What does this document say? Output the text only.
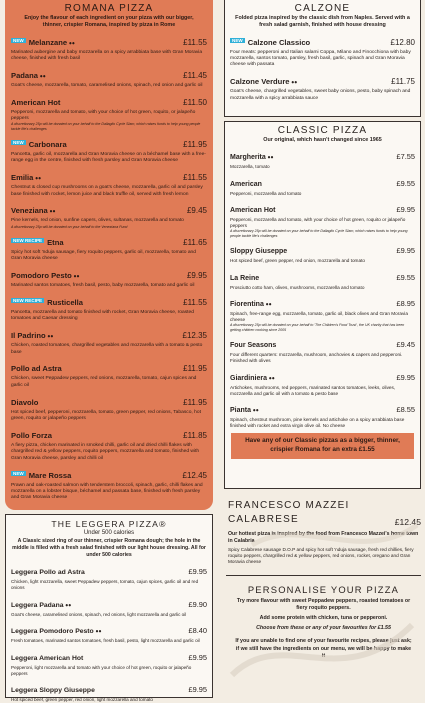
ROMANA PIZZA
Enjoy the flavour of each ingredient on your pizza with our bigger, thinner, crispier Romana, inspired by pizza in Rome
NEW Melanzane ⦁⦁	£11.55
Marinated aubergine and baby mozzarella on a spicy arrabbiata base with Gran Moravia cheese, finished with fresh basil
Padana ⦁⦁	£11.45
Goat's cheese, mozzarella, tomato, caramelised onions, spinach, red onion and garlic oil
American Hot	£11.50
Pepperoni, mozzarella and tomato, with your choice of hot green, roquito, or jalapeño peppers
A discretionary 25p will be donated on your behalf to the Dallaglio Cycle Slam, which raises funds to help young people tackle life's challenges
NEW Carbonara	£11.95
Pancetta, garlic oil, mozzarella and Gran Moravia cheese on a béchamel base with a free-range egg in the centre, finished with fresh parsley and Gran Moravia cheese
Emilia ⦁⦁	£11.55
Chestnut & closed cup mushrooms on a goat's cheese, mozzarella, garlic oil and parsley base finished with rocket, lemon juice and black truffle oil, served with fresh lemon
Veneziana ⦁⦁	£9.45
Pine kernels, red onion, sunfine capers, olives, sultanas, mozzarella and tomato
A discretionary 25p will be donated on your behalf to the Veneziana Fund
NEW RECIPE Etna	£11.65
Spicy hot soft 'nduja sausage, fiery roquito peppers, garlic oil, mozzarella, tomato and Gran Moravia cheese
Pomodoro Pesto ⦁⦁	£9.95
Marinated santos tomatoes, fresh basil, pesto, baby mozzarella, tomato and garlic oil
NEW RECIPE Rusticella	£11.55
Pancetta, mozzarella and tomato finished with rocket, Gran Moravia cheese, roasted tomatoes and Caesar dressing
Il Padrino ⦁⦁	£12.35
Chicken, roasted tomatoes, chargrilled vegetables and mozzarella with a tomato & pesto base
Pollo ad Astra	£11.95
Chicken, sweet Peppadew peppers, red onions, mozzarella, tomato, cajun spices and garlic oil
Diavolo	£11.95
Hot spiced beef, pepperoni, mozzarella, tomato, green pepper, red onions, Tabasco, hot green, roquito or jalapeño peppers
Pollo Forza	£11.85
A fiery pizza, chicken marinated in smoked chilli, garlic oil and dried chilli flakes with chargrilled red & yellow peppers, roquito peppers, mozzarella and tomato, finished with Gran Moravia cheese, parsley and chilli oil
NEW Mare Rossa	£12.45
Prawn and oak-roasted salmon with tenderstem broccoli, spinach, garlic, chilli flakes and mozzarella on a lobster bisque, béchamel and passata base, finished with fresh parsley and Gran Moravia cheese
THE LEGGERA PIZZA®
Under 500 calories
A Classic sized ring of our thinner, crispier Romana dough; the hole in the middle is filled with a fresh salad finished with our light house dressing. All for under 500 calories
Leggera Pollo ad Astra	£9.95
Chicken, light mozzarella, sweet Peppadew peppers, tomato, cajun spices, garlic oil and red onions
Leggera Padana ⦁⦁	£9.90
Goat's cheese, caramelised onions, spinach, red onions, light mozzarella and garlic oil
Leggera Pomodoro Pesto ⦁⦁	£8.40
Fresh tomatoes, marinated santos tomatoes, fresh basil, pesto, light mozzarella and garlic oil
Leggera American Hot	£9.95
Pepperoni, light mozzarella and tomato with your choice of hot green, roquito or jalapeño peppers
Leggera Sloppy Giuseppe	£9.95
Hot spiced beef, green pepper, red onion, light mozzarella and tomato
CALZONE
Folded pizza inspired by the classic dish from Naples. Served with a fresh salad garnish, finished with house dressing
NEW Calzone Classico	£12.80
Four meats: pepperoni and Italian salami Coppa, Milano and Finocchiona with baby mozzarella, santos tomato, parsley, fresh basil, garlic, spinach and Gran Moravia cheese with passata
Calzone Verdure ⦁⦁	£11.75
Goat's cheese, chargrilled vegetables, sweet baby onions, pesto, baby spinach and mozzarella with a spicy arrabbiata sauce
CLASSIC PIZZA
Our original, which hasn't changed since 1965
Margherita ⦁⦁	£7.55
Mozzarella, tomato
American	£9.55
Pepperoni, mozzarella and tomato
American Hot	£9.95
Pepperoni, mozzarella and tomato, with your choice of hot green, roquito or jalapeño peppers
A discretionary 25p will be donated on your behalf to the Dallaglio Cycle Slam, which raises funds to help young people tackle life's challenges
Sloppy Giuseppe	£9.95
Hot spiced beef, green pepper, red onion, mozzarella and tomato
La Reine	£9.55
Prosciutto cotto ham, olives, mushrooms, mozzarella and tomato
Fiorentina ⦁⦁	£8.95
Spinach, free-range egg, mozzarella, tomato, garlic oil, black olives and Gran Moravia cheese
A discretionary 25p will be donated on your behalf to 'The Children's Food Trust', the UK charity that has been getting children cooking since 2005
Four Seasons	£9.45
Four different quarters: mozzarella, mushroom, anchovies & capers and pepperoni. Finished with olives
Giardiniera ⦁⦁	£9.95
Artichokes, mushrooms, red peppers, marinated santos tomatoes, leeks, olives, mozzarella and garlic oil with a tomato & pesto base
Pianta ⦁⦁	£8.55
Spinach, chestnut mushroom, pine kernels and artichoke on a spicy arrabbiata base finished with rocket and extra virgin olive oil. No cheese
Have any of our Classic pizzas as a bigger, thinner, crispier Romana for an extra £1.55
FRANCESCO MAZZEI
CALABRESE	£12.45
Our hottest pizza is inspired by the food from Francesco Mazzei's home town in Calabria
Spicy Calabrese sausage D.O.P and spicy hot soft 'nduja sausage, fresh red chillies, fiery roquito peppers, chargrilled red & yellow peppers, red onions, rocket, oregano and Gran Moravia cheese
PERSONALISE YOUR PIZZA
Try more flavour with sweet Peppadew peppers, roasted tomatoes or fiery roquito peppers.
Add some protein with chicken, tuna or pepperoni.
Choose from these or any of your favourites for £1.55
If you are unable to find one of your favourite recipes, please just ask; if we still have the ingredients on our menu, we will be happy to make it
